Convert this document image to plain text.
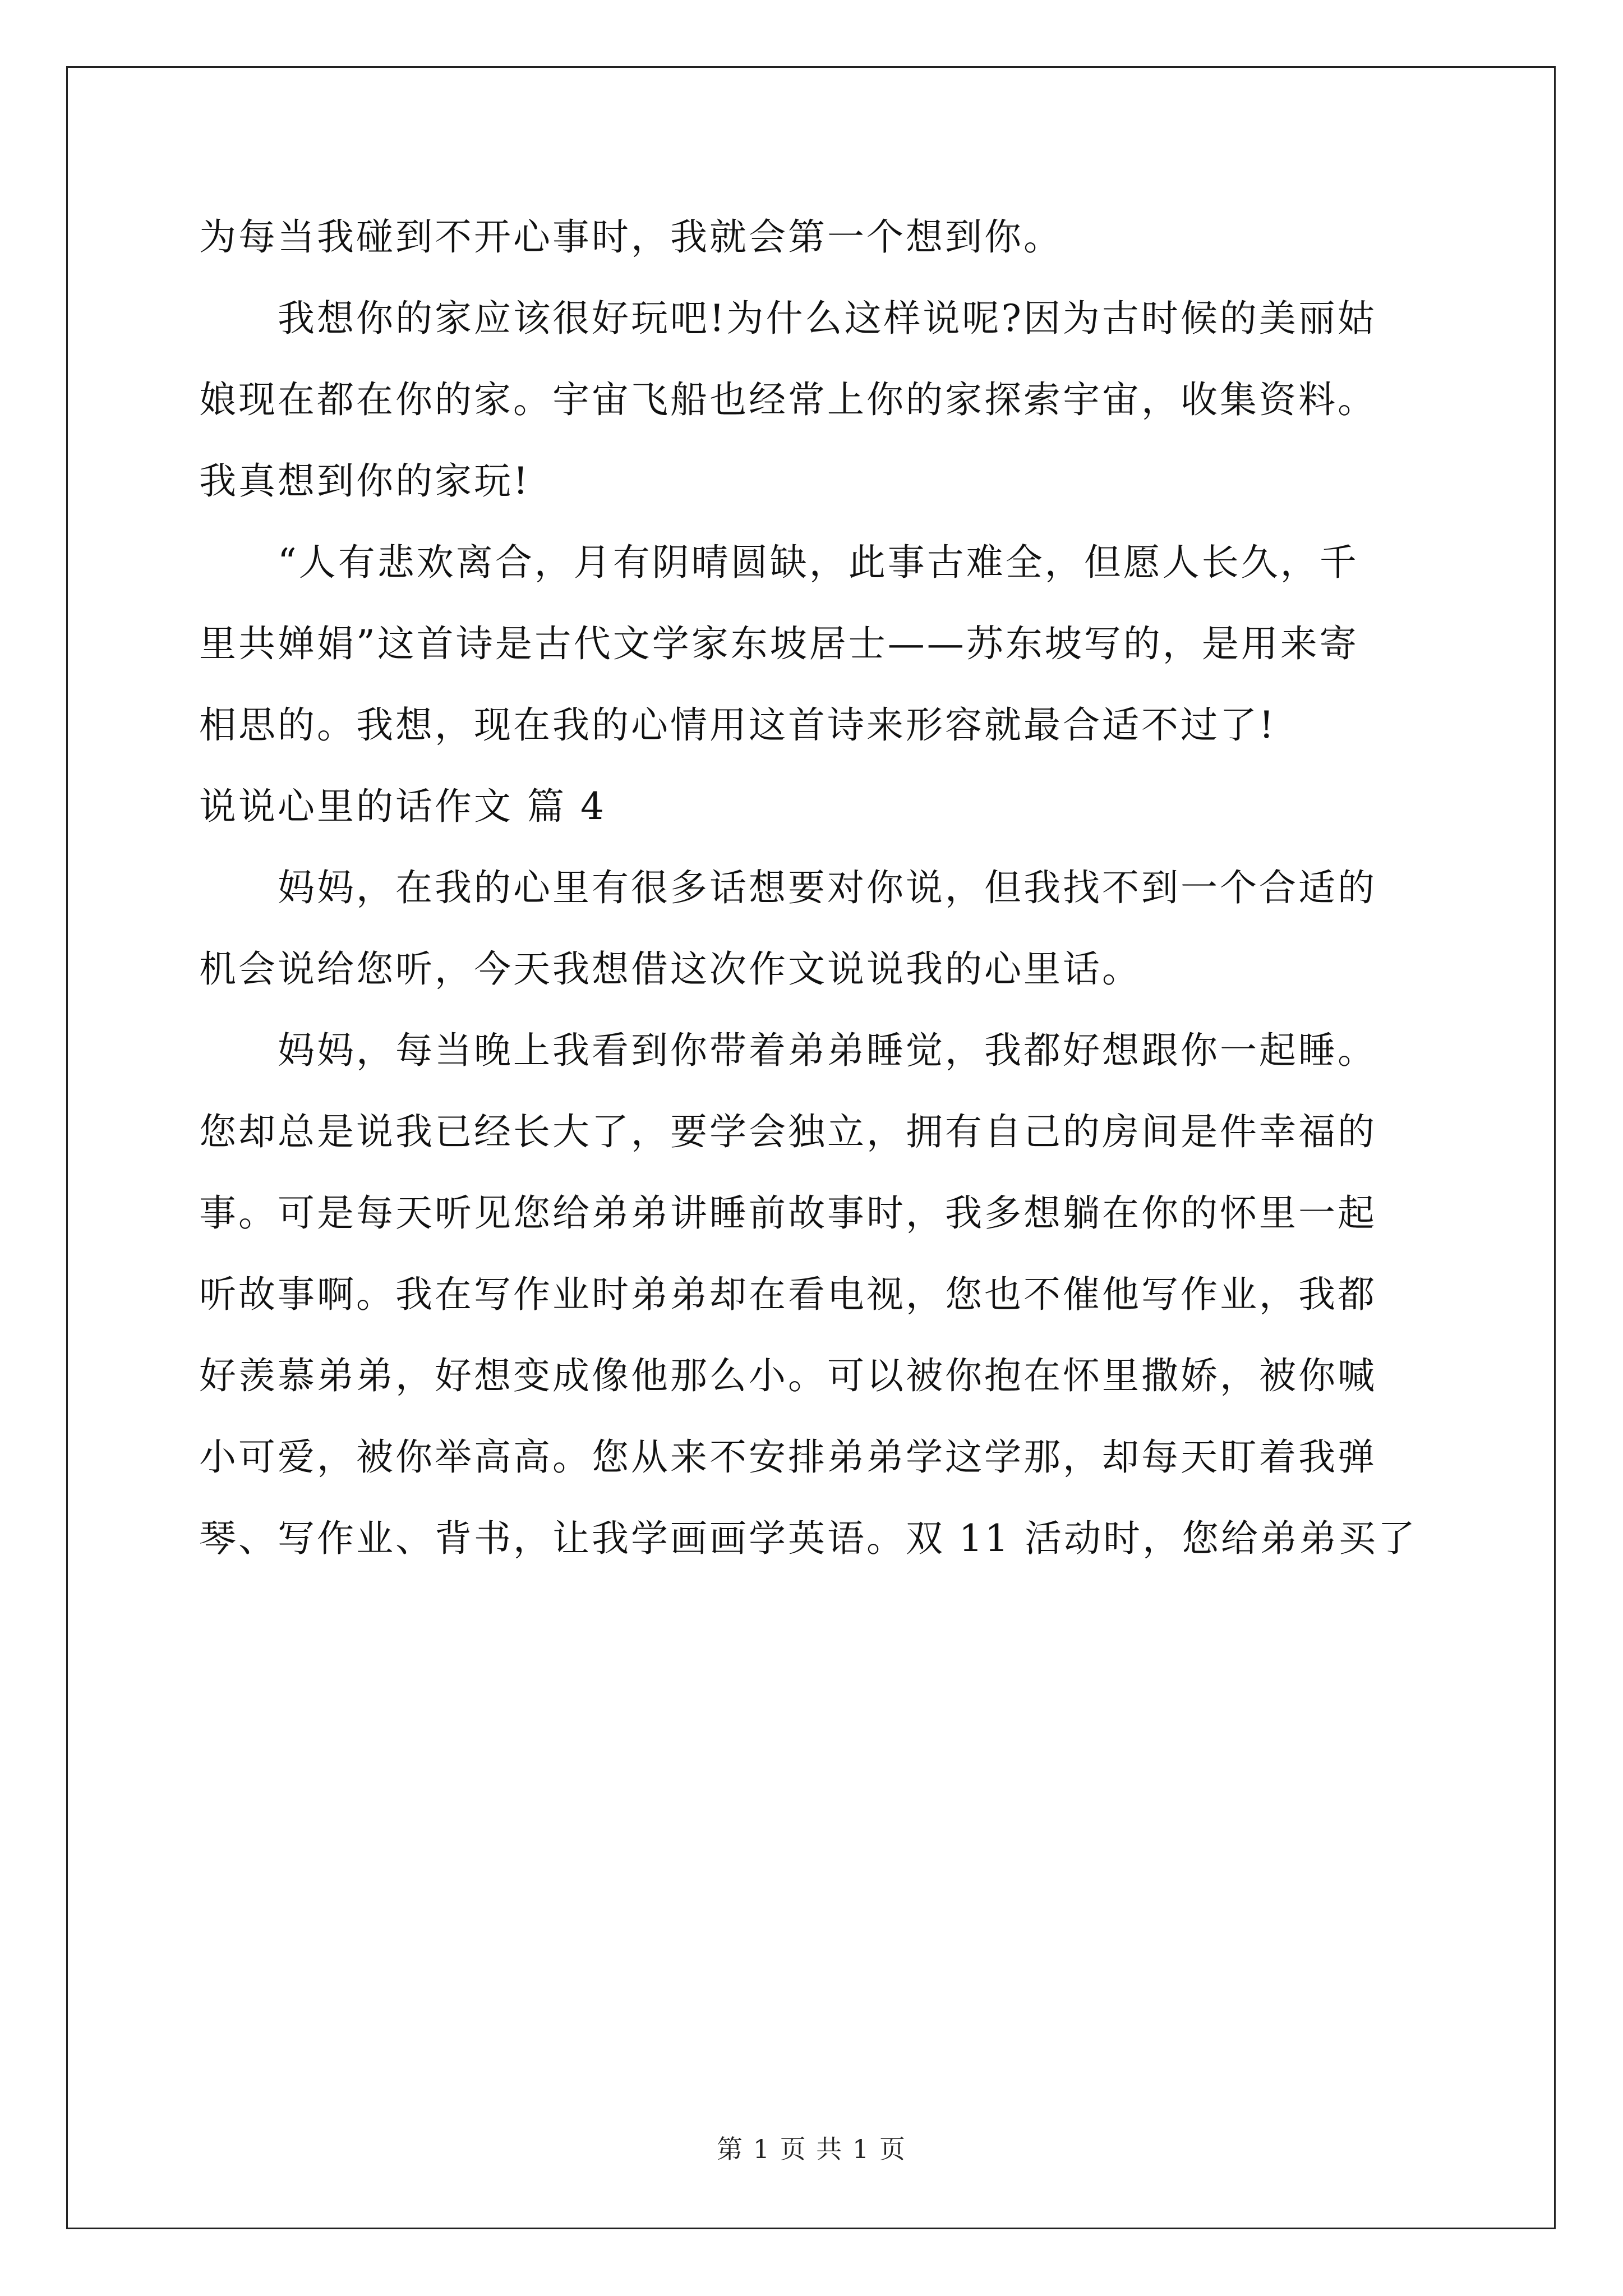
为每当我碰到不开心事时，我就会第一个想到你。
我想你的家应该很好玩吧!为什么这样说呢?因为古时候的美丽姑
娘现在都在你的家。宇宙飞船也经常上你的家探索宇宙，收集资料。
我真想到你的家玩!
“人有悲欢离合，月有阴晴圆缺，此事古难全，但愿人长久，千
里共婵娟”这首诗是古代文学家东坡居士——苏东坡写的，是用来寄
相思的。我想，现在我的心情用这首诗来形容就最合适不过了!
说说心里的话作文 篇 4
妈妈，在我的心里有很多话想要对你说，但我找不到一个合适的
机会说给您听，今天我想借这次作文说说我的心里话。
妈妈，每当晚上我看到你带着弟弟睡觉，我都好想跟你一起睡。
您却总是说我已经长大了，要学会独立，拥有自己的房间是件幸福的
事。可是每天听见您给弟弟讲睡前故事时，我多想躺在你的怀里一起
听故事啊。我在写作业时弟弟却在看电视，您也不催他写作业，我都
好羡慕弟弟，好想变成像他那么小。可以被你抱在怀里撒娇，被你喊
小可爱，被你举高高。您从来不安排弟弟学这学那，却每天盯着我弹
琴、写作业、背书，让我学画画学英语。双 11 活动时，您给弟弟买了
第 1 页 共 1 页
